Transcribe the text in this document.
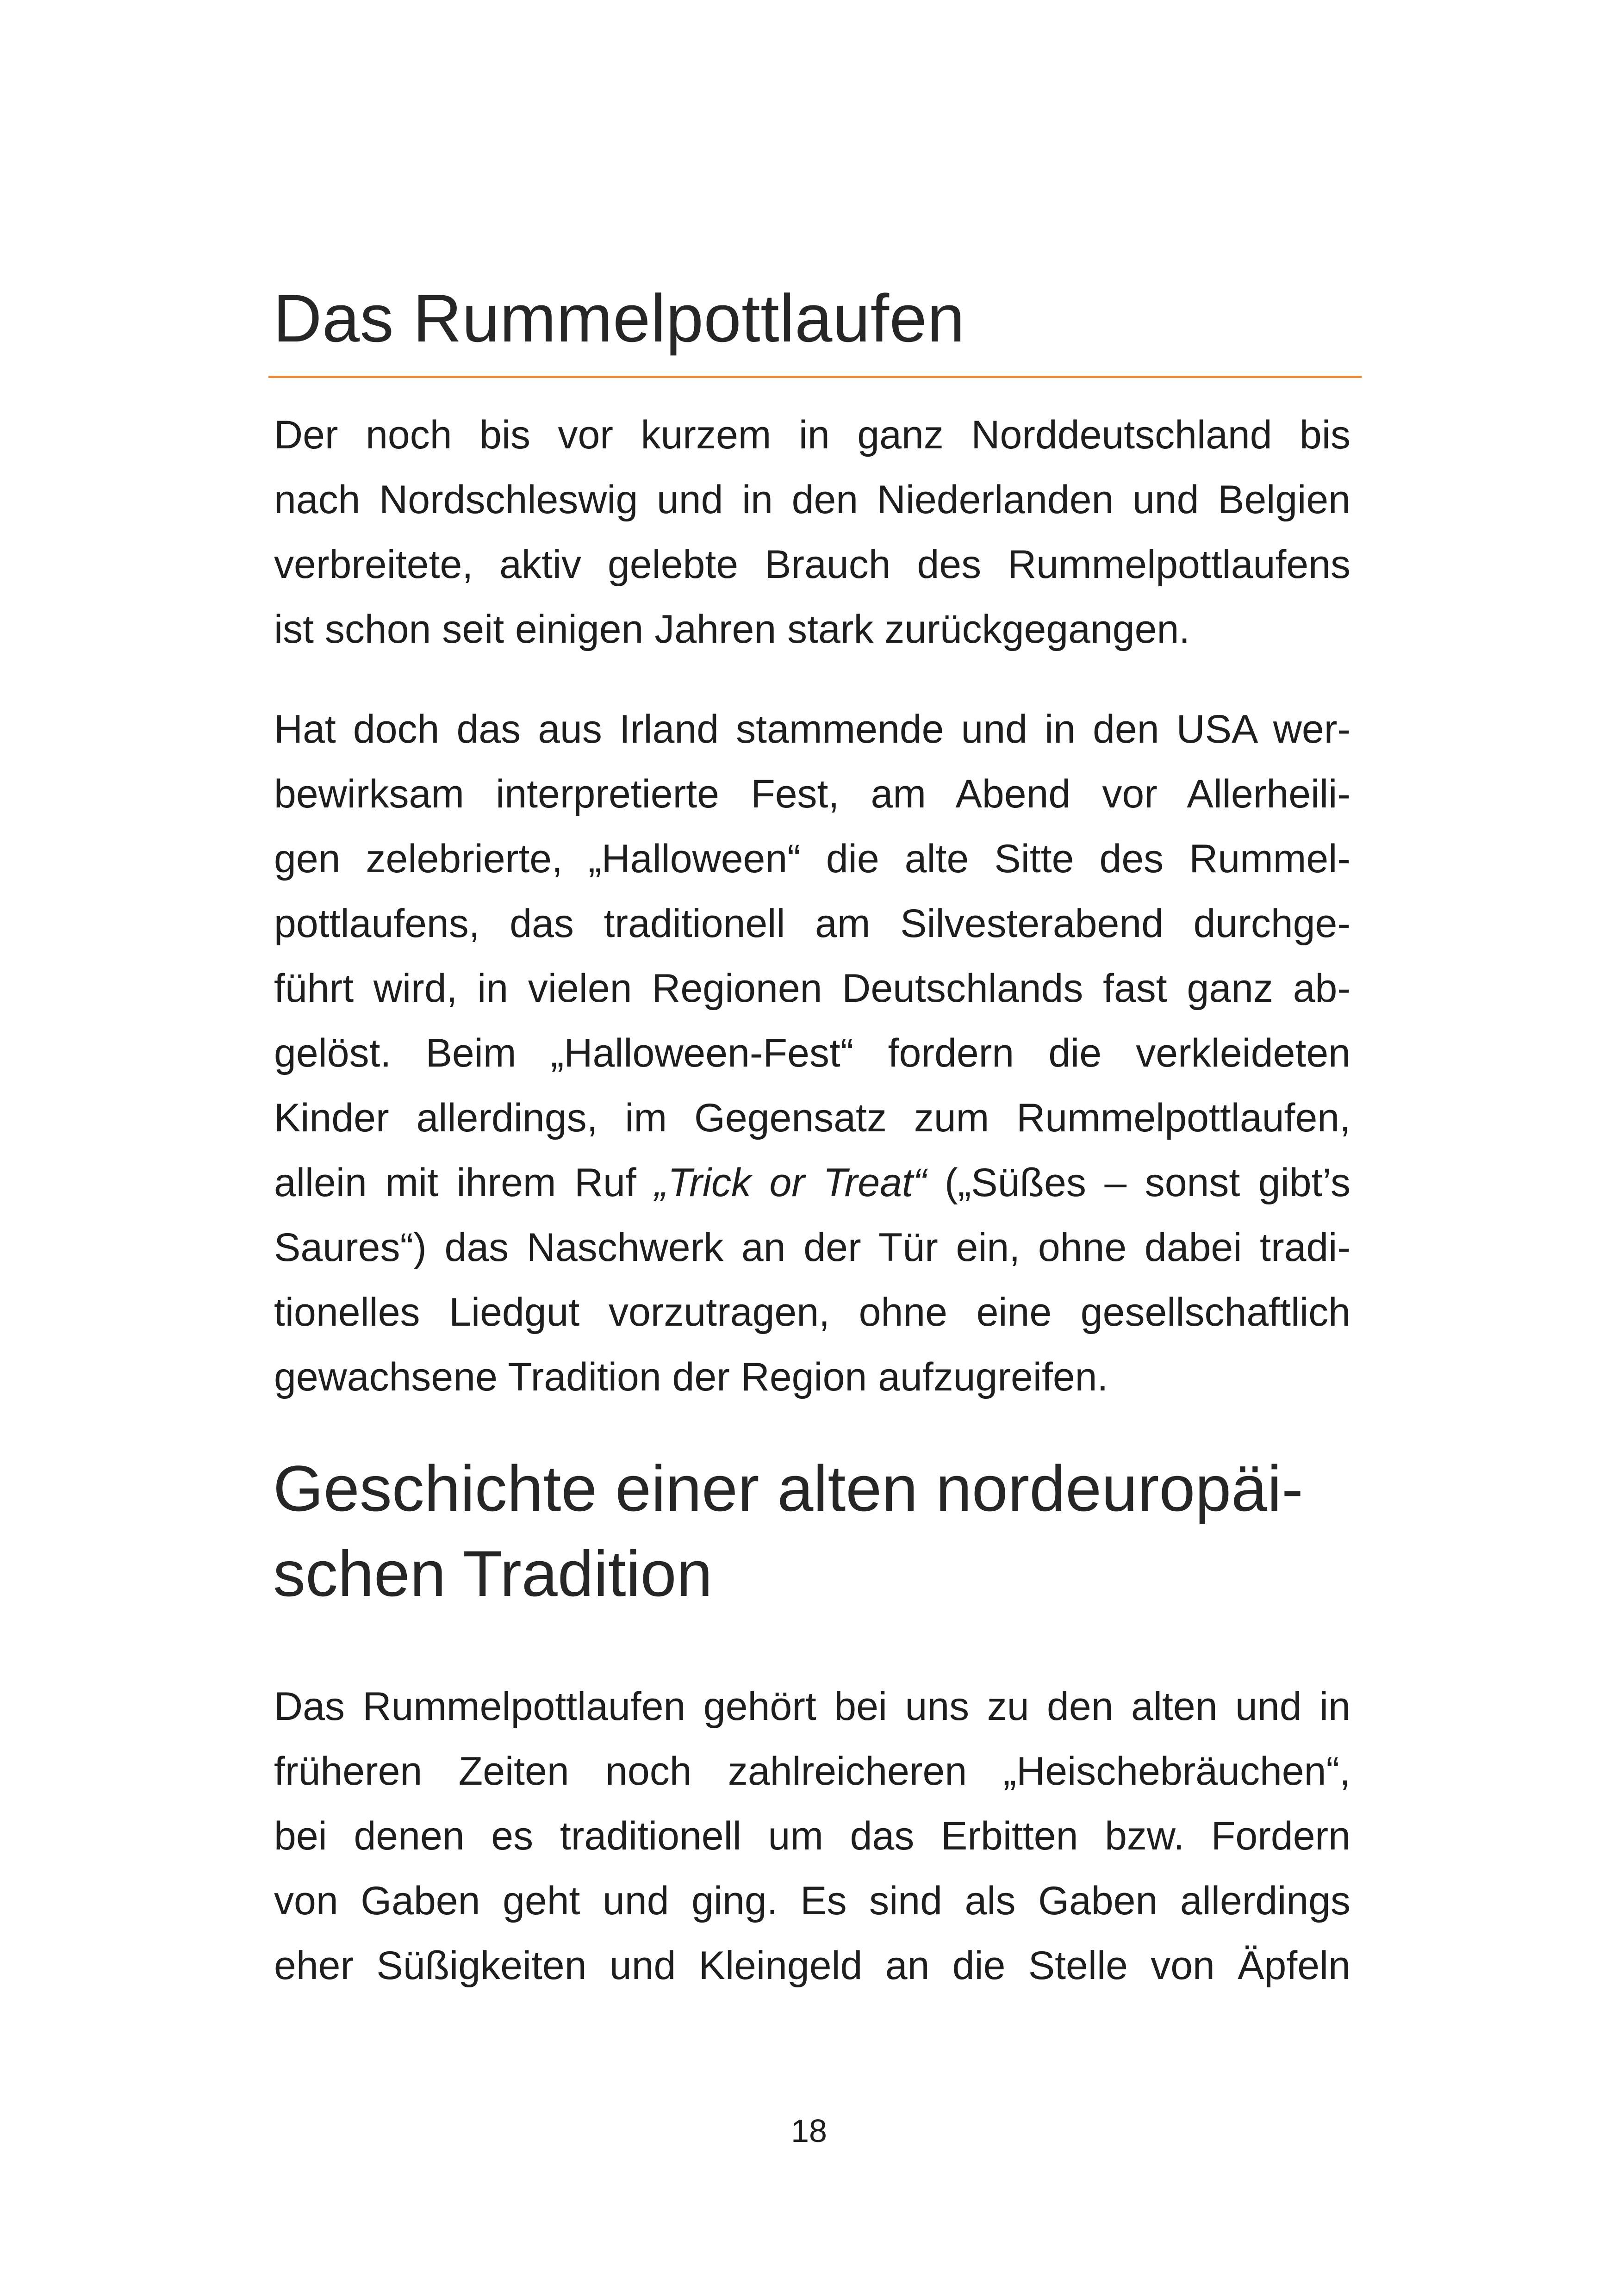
Das Rummelpottlaufen

Der noch bis vor kurzem in ganz Norddeutschland bis
nach Nordschleswig und in den Niederlanden und Belgien
verbreitete, aktiv gelebte Brauch des Rummelpottlaufens
ist schon seit einigen Jahren stark zurückgegangen.

Hat doch das aus Irland stammende und in den USA wer-
bewirksam interpretierte Fest, am Abend vor Allerheili-
gen zelebrierte, „Halloween“ die alte Sitte des Rummel-
pottlaufens, das traditionell am Silvesterabend durchge-
führt wird, in vielen Regionen Deutschlands fast ganz ab-
gelöst. Beim „Halloween-Fest“ fordern die verkleideten
Kinder allerdings, im Gegensatz zum Rummelpottlaufen,
allein mit ihrem Ruf „Trick or Treat“ („Süßes – sonst gibt’s
Saures“) das Naschwerk an der Tür ein, ohne dabei tradi-
tionelles Liedgut vorzutragen, ohne eine gesellschaftlich
gewachsene Tradition der Region aufzugreifen.

Geschichte einer alten nordeuropäi-
schen Tradition

Das Rummelpottlaufen gehört bei uns zu den alten und in
früheren Zeiten noch zahlreicheren „Heischebräuchen“,
bei denen es traditionell um das Erbitten bzw. Fordern
von Gaben geht und ging. Es sind als Gaben allerdings
eher Süßigkeiten und Kleingeld an die Stelle von Äpfeln

18
